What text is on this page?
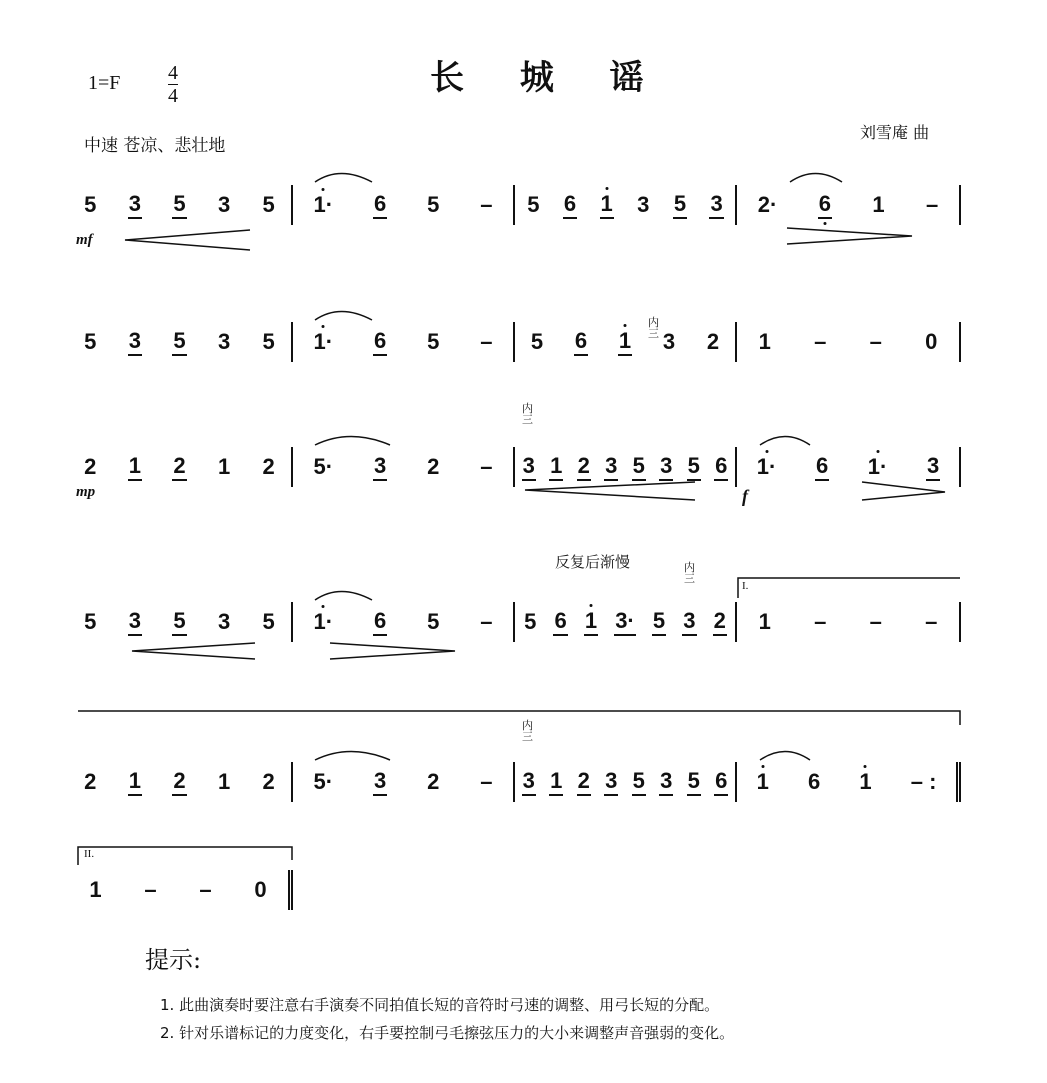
1=F 4
4	长 城 谣
中速 苍凉、悲壮地
刘雪庵 曲
5 3 5 3 5 1· 6 5 – 5 6 1 3 5 3 2· 6 1 –
5 3 5 3 5 1· 6 5 – 5 6 1 3 2 1 – – 0
2 1 2 1 2 5· 3 2 – 3 1 2 3 5 3 5 6 1· 6 1· 3
5 3 5 3 5 1· 6 5 – 5 6 1 3· 5 3 2 1 – – –
2 1 2 1 2 5· 3 2 – 3 1 2 3 5 3 5 6 1 6 1 – :
1 – – 0
mf
mp	f
反复后渐慢
内
三
内
三
内
三
内
三
I.
II.
提示:
1. 此曲演奏时要注意右手演奏不同拍值长短的音符时弓速的调整、用弓长短的分配。
2. 针对乐谱标记的力度变化，右手要控制弓毛擦弦压力的大小来调整声音强弱的变化。
